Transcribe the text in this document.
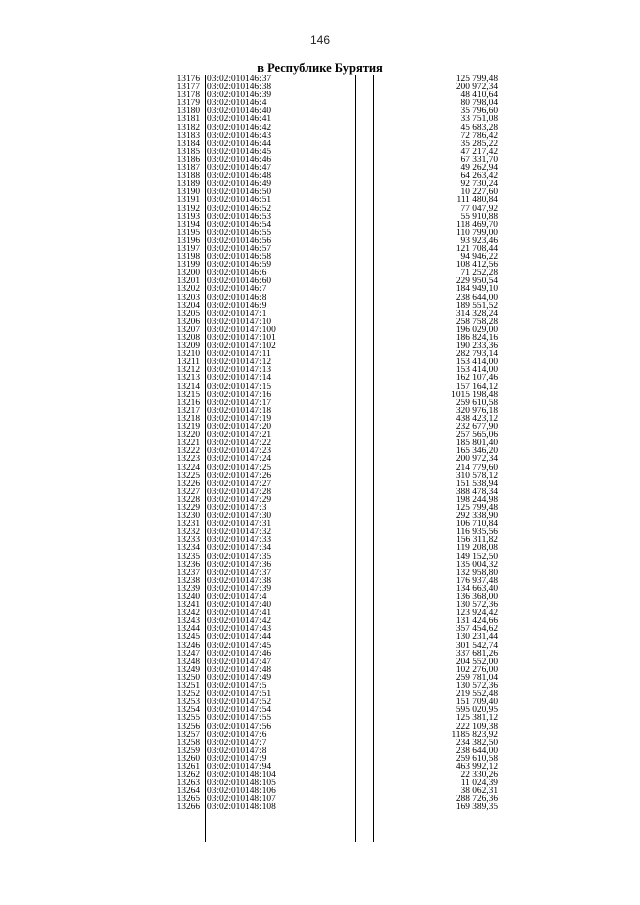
146
в Республике Бурятия
13176		03:02:010146:37	125 799,48
13177		03:02:010146:38	200 972,34
13178		03:02:010146:39	48 410,64
13179		03:02:010146:4	80 798,04
13180		03:02:010146:40	35 796,60
13181		03:02:010146:41	33 751,08
13182		03:02:010146:42	45 683,28
13183		03:02:010146:43	72 786,42
13184		03:02:010146:44	35 285,22
13185		03:02:010146:45	47 217,42
13186		03:02:010146:46	67 331,70
13187		03:02:010146:47	49 262,94
13188		03:02:010146:48	64 263,42
13189		03:02:010146:49	92 730,24
13190		03:02:010146:50	10 227,60
13191		03:02:010146:51	111 480,84
13192		03:02:010146:52	77 047,92
13193		03:02:010146:53	55 910,88
13194		03:02:010146:54	118 469,70
13195		03:02:010146:55	110 799,00
13196		03:02:010146:56	93 923,46
13197		03:02:010146:57	121 708,44
13198		03:02:010146:58	94 946,22
13199		03:02:010146:59	108 412,56
13200		03:02:010146:6	71 252,28
13201		03:02:010146:60	229 950,54
13202		03:02:010146:7	184 949,10
13203		03:02:010146:8	238 644,00
13204		03:02:010146:9	189 551,52
13205		03:02:010147:1	314 328,24
13206		03:02:010147:10	258 758,28
13207		03:02:010147:100	196 029,00
13208		03:02:010147:101	186 824,16
13209		03:02:010147:102	190 233,36
13210		03:02:010147:11	282 793,14
13211		03:02:010147:12	153 414,00
13212		03:02:010147:13	153 414,00
13213		03:02:010147:14	162 107,46
13214		03:02:010147:15	157 164,12
13215		03:02:010147:16	1015 198,48
13216		03:02:010147:17	259 610,58
13217		03:02:010147:18	320 976,18
13218		03:02:010147:19	438 423,12
13219		03:02:010147:20	232 677,90
13220		03:02:010147:21	257 565,06
13221		03:02:010147:22	185 801,40
13222		03:02:010147:23	165 346,20
13223		03:02:010147:24	200 972,34
13224		03:02:010147:25	214 779,60
13225		03:02:010147:26	310 578,12
13226		03:02:010147:27	151 538,94
13227		03:02:010147:28	388 478,34
13228		03:02:010147:29	198 244,98
13229		03:02:010147:3	125 799,48
13230		03:02:010147:30	292 338,90
13231		03:02:010147:31	106 710,84
13232		03:02:010147:32	116 935,56
13233		03:02:010147:33	156 311,82
13234		03:02:010147:34	119 208,08
13235		03:02:010147:35	149 152,50
13236		03:02:010147:36	135 004,32
13237		03:02:010147:37	132 958,80
13238		03:02:010147:38	176 937,48
13239		03:02:010147:39	134 663,40
13240		03:02:010147:4	136 368,00
13241		03:02:010147:40	130 572,36
13242		03:02:010147:41	123 924,42
13243		03:02:010147:42	131 424,66
13244		03:02:010147:43	357 454,62
13245		03:02:010147:44	130 231,44
13246		03:02:010147:45	301 542,74
13247		03:02:010147:46	337 681,26
13248		03:02:010147:47	204 552,00
13249		03:02:010147:48	102 276,00
13250		03:02:010147:49	259 781,04
13251		03:02:010147:5	130 572,36
13252		03:02:010147:51	219 552,48
13253		03:02:010147:52	151 709,40
13254		03:02:010147:54	595 020,95
13255		03:02:010147:55	125 381,12
13256		03:02:010147:56	222 109,38
13257		03:02:010147:6	1185 823,92
13258		03:02:010147:7	234 382,50
13259		03:02:010147:8	238 644,00
13260		03:02:010147:9	259 610,58
13261		03:02:010147:94	463 992,12
13262		03:02:010148:104	22 330,26
13263		03:02:010148:105	11 024,39
13264		03:02:010148:106	38 062,31
13265		03:02:010148:107	288 726,36
13266		03:02:010148:108	169 389,35
